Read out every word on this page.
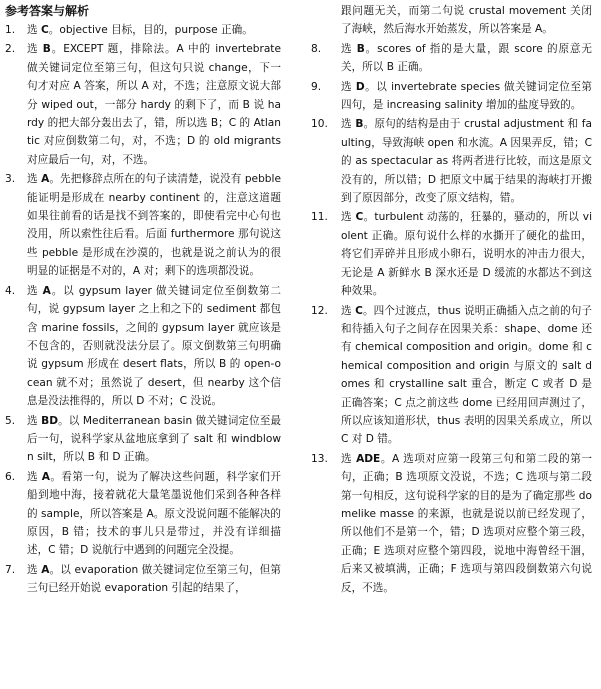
参考答案与解析
1.	选 C。objective 目标，目的，purpose 正确。
2.	选 B。EXCEPT 题，排除法。A 中的 invertebrate 做关键词定位至第三句，但这句只说 change，下一句才对应 A 答案，所以 A 对，不选；注意原文说大部分 wiped out，一部分 hardy 的剩下了，而 B 说 hardy 的把大部分轰出去了，错，所以选 B；C 的 Atlantic 对应倒数第二句，对，不选；D 的 old migrants 对应最后一句，对，不选。
3.	选 A。先把修辞点所在的句子读清楚，说没有 pebble 能证明是形成在 nearby continent 的，注意这道题如果往前看的话是找不到答案的，即使看完中心句也没用，所以索性往后看。后面 furthermore 那句说这些 pebble 是形成在沙漠的，也就是说之前认为的很明显的证据是不对的，A 对；剩下的选项都没说。
4.	选 A。以 gypsum layer 做关键词定位至倒数第二句，说 gypsum layer 之上和之下的 sediment 都包含 marine fossils，之间的 gypsum layer 就应该是不包含的，否则就没法分层了。原文倒数第三句明确说 gypsum 形成在 desert flats，所以 B 的 open-ocean 就不对；虽然说了 desert，但 nearby 这个信息是没法推得的，所以 D 不对；C 没说。
5.	选 BD。以 Mediterranean basin 做关键词定位至最后一句，说科学家从盆地底拿到了 salt 和 windblown silt，所以 B 和 D 正确。
6.	选 A。看第一句，说为了解决这些问题，科学家们开船到地中海，接着就花大量笔墨说他们采到各种各样的 sample，所以答案是 A。原文没说问题不能解决的原因，B 错；技术的事儿只是带过，并没有详细描述，C 错；D 说航行中遇到的问题完全没提。
7.	选 A。以 evaporation 做关键词定位至第三句，但第三句已经开始说 evaporation 引起的结果了，
跟问题无关，而第二句说 crustal movement 关闭了海峡，然后海水开始蒸发，所以答案是 A。
8.	选 B。scores of 指的是大量，跟 score 的原意无关，所以 B 正确。
9.	选 D。以 invertebrate species 做关键词定位至第四句，是 increasing salinity 增加的盐度导致的。
10.	选 B。原句的结构是由于 crustal adjustment 和 faulting，导致海峡 open 和水流。A 因果弄反，错；C 的 as spectacular as 将两者进行比较，而这是原文没有的，所以错；D 把原文中属于结果的海峡打开搬到了原因部分，改变了原文结构，错。
11.	选 C。turbulent 动荡的，狂暴的，骚动的，所以 violent 正确。原句说什么样的水撕开了硬化的盐田，将它们弄碎并且形成小卵石，说明水的冲击力很大，无论是 A 新鲜水 B 深水还是 D 缓流的水都达不到这种效果。
12.	选 C。四个过渡点，thus 说明正确插入点之前的句子和待插入句子之间存在因果关系：shape、dome 还有 chemical composition and origin。dome 和 chemical composition and origin 与原文的 salt domes 和 crystalline salt 重合，断定 C 或者 D 是正确答案；C 点之前这些 dome 已经用回声测过了，所以应该知道形状，thus 表明的因果关系成立，所以 C 对 D 错。
13.	选 ADE。A 选项对应第一段第三句和第二段的第一句，正确；B 选项原文没说，不选；C 选项与第二段第一句相反，这句说科学家的目的是为了确定那些 domelike masse 的来源，也就是说以前已经发现了，所以他们不是第一个，错；D 选项对应整个第三段，正确；E 选项对应整个第四段，说地中海曾经干涸，后来又被填满，正确；F 选项与第四段倒数第六句说反，不选。
